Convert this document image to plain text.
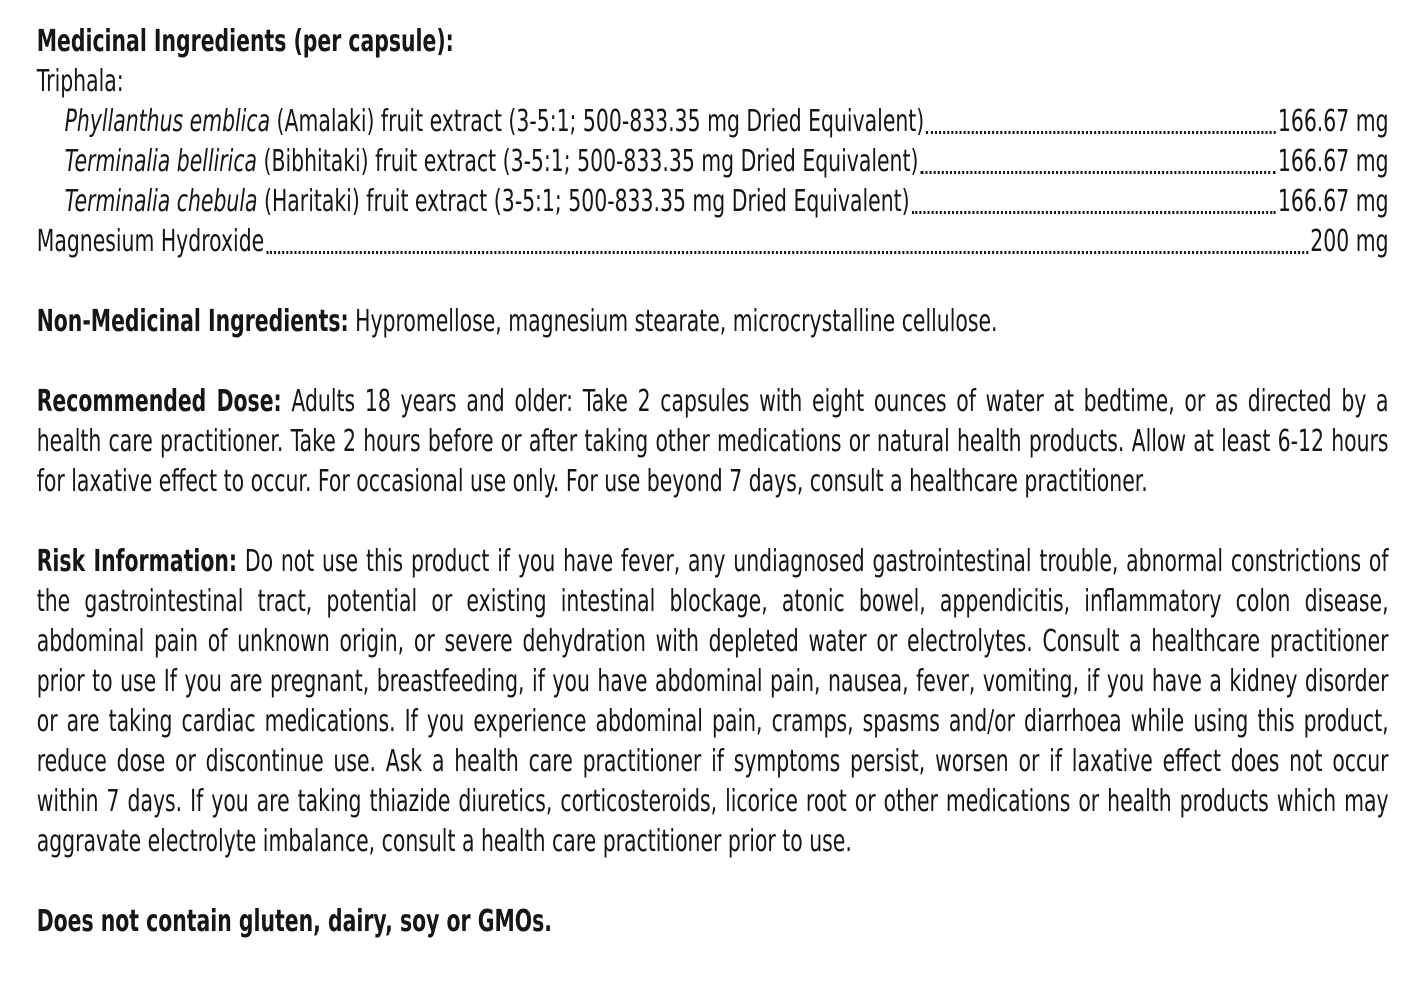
Medicinal Ingredients (per capsule):
Triphala:
Phyllanthus emblica (Amalaki) fruit extract (3-5:1; 500-833.35 mg Dried Equivalent)	166.67 mg
Terminalia bellirica (Bibhitaki) fruit extract (3-5:1; 500-833.35 mg Dried Equivalent)	166.67 mg
Terminalia chebula (Haritaki) fruit extract (3-5:1; 500-833.35 mg Dried Equivalent)	166.67 mg
Magnesium Hydroxide	200 mg

Non-Medicinal Ingredients: Hypromellose, magnesium stearate, microcrystalline cellulose.

Recommended Dose: Adults 18 years and older: Take 2 capsules with eight ounces of water at bedtime, or as directed by a health care practitioner. Take 2 hours before or after taking other medications or natural health products. Allow at least 6-12 hours for laxative effect to occur. For occasional use only. For use beyond 7 days, consult a healthcare practitioner.

Risk Information: Do not use this product if you have fever, any undiagnosed gastrointestinal trouble, abnormal constrictions of the gastrointestinal tract, potential or existing intestinal blockage, atonic bowel, appendicitis, inflammatory colon disease, abdominal pain of unknown origin, or severe dehydration with depleted water or electrolytes. Consult a healthcare practitioner prior to use If you are pregnant, breastfeeding, if you have abdominal pain, nausea, fever, vomiting, if you have a kidney disorder or are taking cardiac medications. If you experience abdominal pain, cramps, spasms and/or diarrhoea while using this product, reduce dose or discontinue use. Ask a health care practitioner if symptoms persist, worsen or if laxative effect does not occur within 7 days. If you are taking thiazide diuretics, corticosteroids, licorice root or other medications or health products which may aggravate electrolyte imbalance, consult a health care practitioner prior to use.

Does not contain gluten, dairy, soy or GMOs.
